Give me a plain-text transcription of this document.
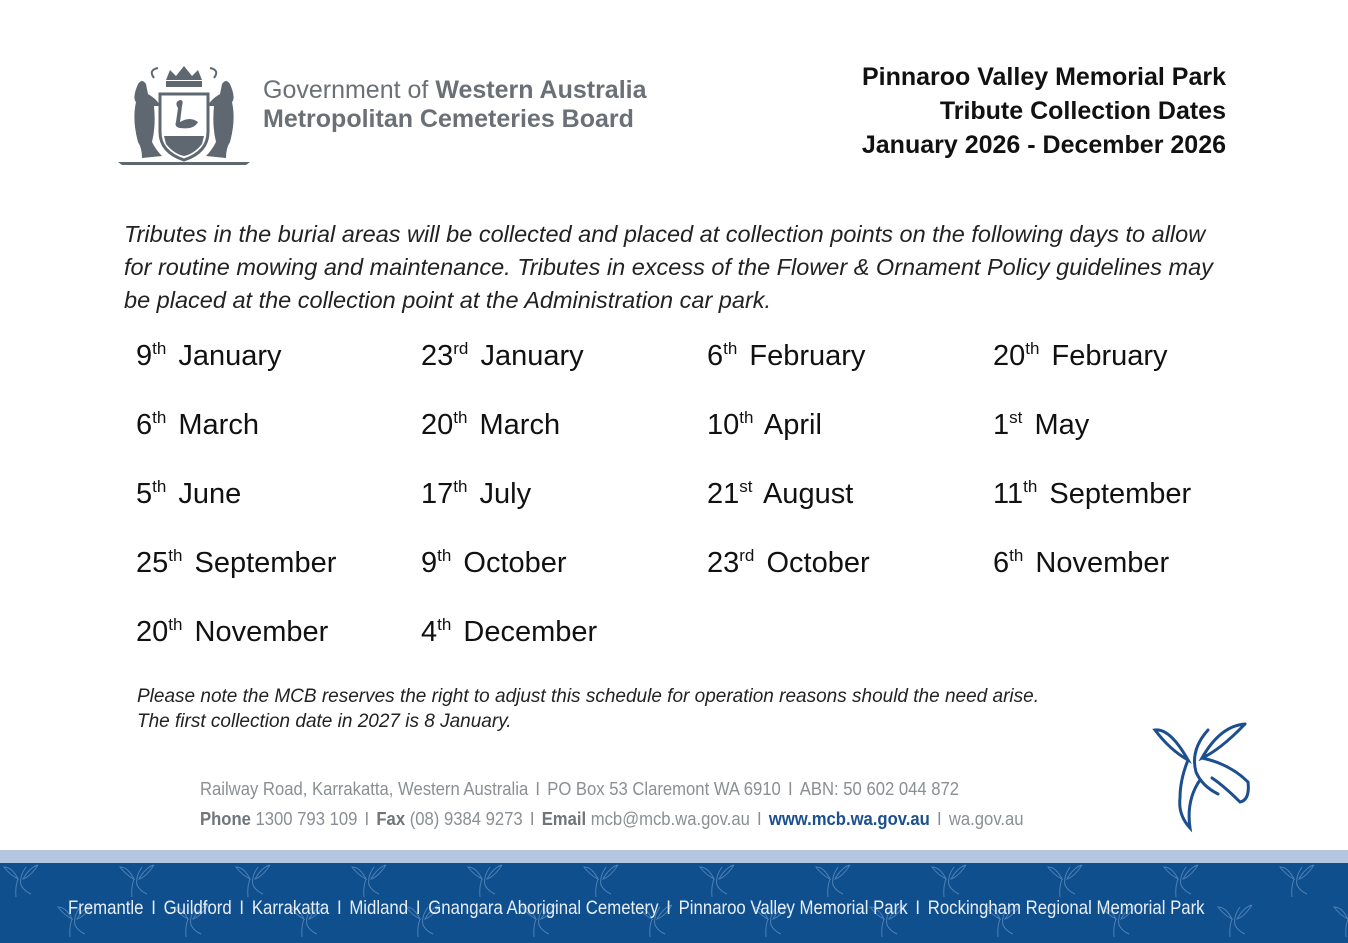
Government of Western Australia
Metropolitan Cemeteries Board
Pinnaroo Valley Memorial Park
Tribute Collection Dates
January 2026 - December 2026

Tributes in the burial areas will be collected and placed at collection points on the following days to allow for routine mowing and maintenance. Tributes in excess of the Flower & Ornament Policy guidelines may be placed at the collection point at the Administration car park.

9th January	23rd January	6th February	20th February
6th March	20th March	10th April	1st May
5th June	17th July	21st August	11th September
25th September	9th October	23rd October	6th November
20th November	4th December
Please note the MCB reserves the right to adjust this schedule for operation reasons should the need arise.
The first collection date in 2027 is 8 January.
Railway Road, Karrakatta, Western Australia I PO Box 53 Claremont WA 6910 I ABN: 50 602 044 872
Phone 1300 793 109 I Fax (08) 9384 9273 I Email mcb@mcb.wa.gov.au I www.mcb.wa.gov.au I wa.gov.au
Fremantle I Guildford I Karrakatta I Midland I Gnangara Aboriginal Cemetery I Pinnaroo Valley Memorial Park I Rockingham Regional Memorial Park
